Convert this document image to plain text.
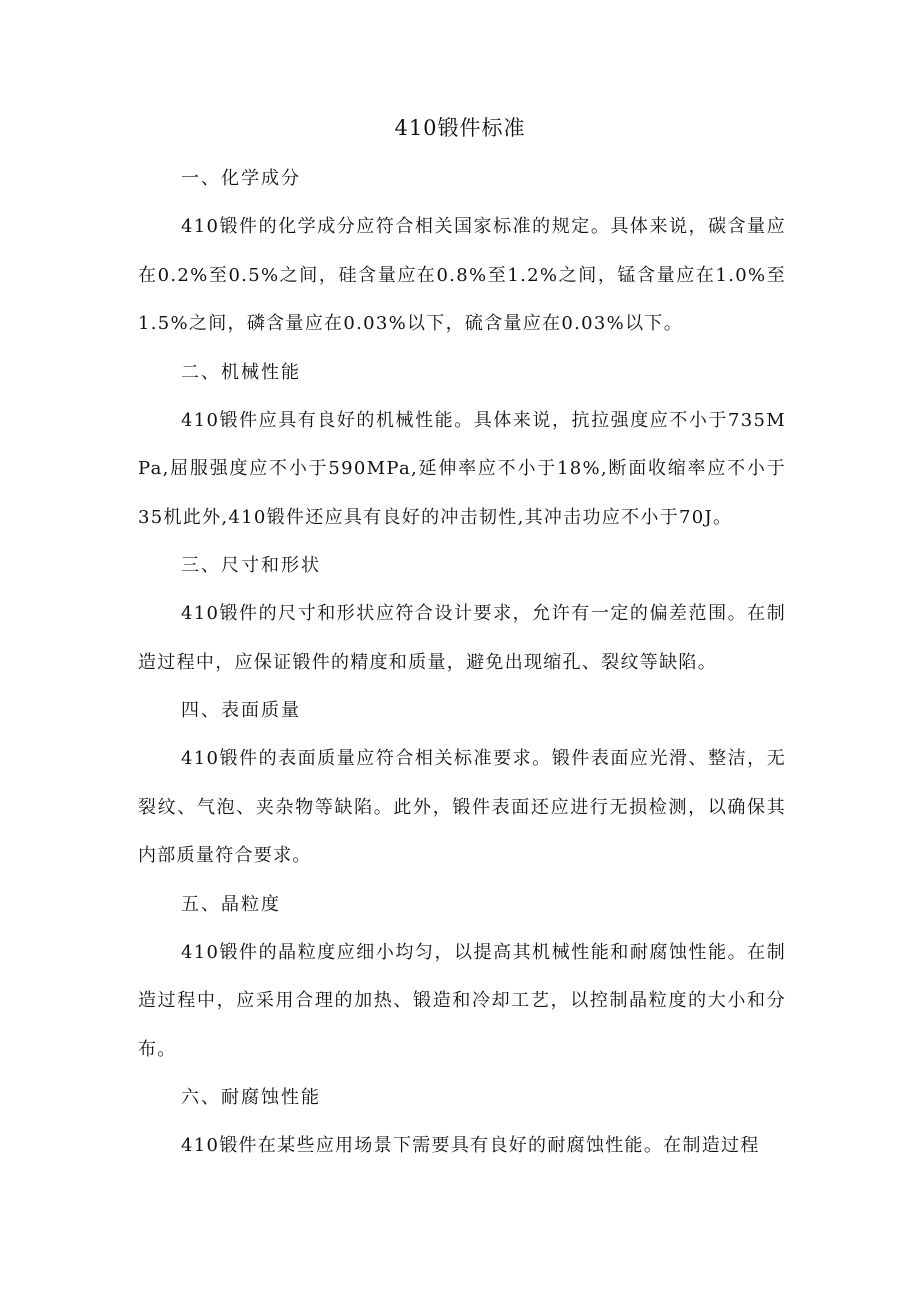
410锻件标准

一、化学成分

410锻件的化学成分应符合相关国家标准的规定。具体来说，碳含量应在0.2%至0.5%之间，硅含量应在0.8%至1.2%之间，锰含量应在1.0%至1.5%之间，磷含量应在0.03%以下，硫含量应在0.03%以下。

二、机械性能

410锻件应具有良好的机械性能。具体来说，抗拉强度应不小于735MPa,屈服强度应不小于590MPa,延伸率应不小于18%,断面收缩率应不小于35机此外,410锻件还应具有良好的冲击韧性,其冲击功应不小于70J。

三、尺寸和形状

410锻件的尺寸和形状应符合设计要求，允许有一定的偏差范围。在制造过程中，应保证锻件的精度和质量，避免出现缩孔、裂纹等缺陷。

四、表面质量

410锻件的表面质量应符合相关标准要求。锻件表面应光滑、整洁，无裂纹、气泡、夹杂物等缺陷。此外，锻件表面还应进行无损检测，以确保其内部质量符合要求。

五、晶粒度

410锻件的晶粒度应细小均匀，以提高其机械性能和耐腐蚀性能。在制造过程中，应采用合理的加热、锻造和冷却工艺，以控制晶粒度的大小和分布。

六、耐腐蚀性能

410锻件在某些应用场景下需要具有良好的耐腐蚀性能。在制造过程
